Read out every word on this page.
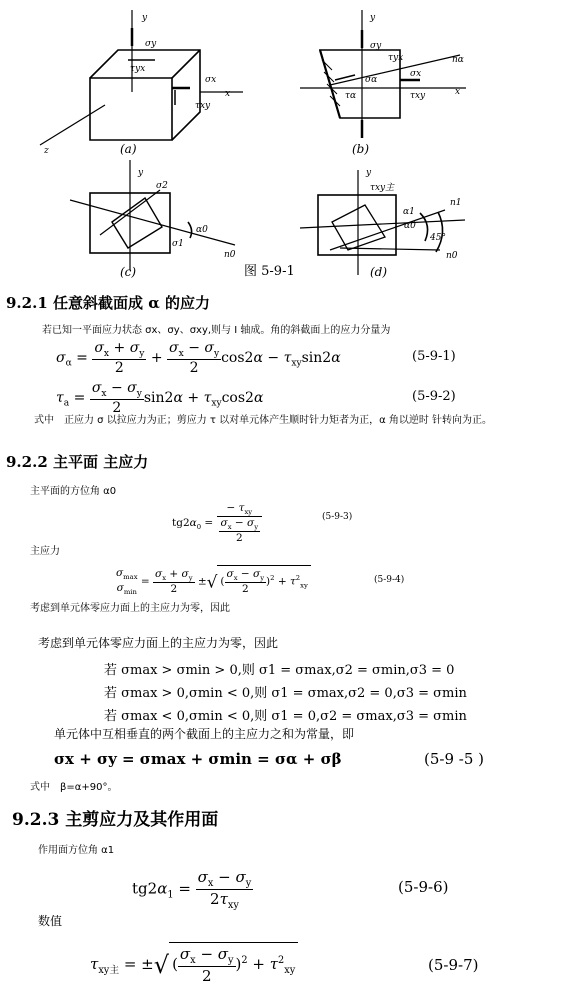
y
σy
τyx
σx
x
τxy
z
y
σy
τyx	nα
σα
σx
x
τα	τxy
y
σ2
α0
σ1
n0
y
τxy主
n1
α1
α0
45°
n0
(a)	(b)
(c)	(d)
图 5-9-1
9.2.1 任意斜截面成 α 的应力
若已知一平面应力状态 σx、σy、σxy,则与 I 轴成。角的斜截面上的应力分量为
$\sigma_\alpha = \frac{\sigma_x + \sigma_y}{2} + \frac{\sigma_x - \sigma_y}{2} \cos 2\alpha - \tau_{xy}\sin 2\alpha$	(5-9-1)
$\tau_a = \frac{\sigma_x - \sigma_y}{2} \sin 2\alpha + \tau_{xy}\cos 2\alpha$	(5-9-2)
式中　正应力 σ 以拉应力为正；剪应力 τ 以对单元体产生顺时针力矩者为正，α 角以逆时 针转向为正。
9.2.2 主平面 主应力
主平面的方位角 α0
$tg2\alpha_0 = \frac{- \tau_{xy}}{\frac{\sigma_x - \sigma_y}{2}}$	(5-9-3)
主应力
$\sigma_{max}$
$\sigma_{min}$
= $\frac{\sigma_x + \sigma_y}{2}$ ±√ ( $\frac{\sigma_x - \sigma_y}{2} )^2 + \tau^2_{xy}$
(5-9-4)
考虑到单元体零应力面上的主应力为零，因此
考虑到单元体零应力面上的主应力为零，因此
若 σmax > σmin > 0,则 σ1 = σmax,σ2 = σmin,σ3 = 0
若 σmax > 0,σmin < 0,则 σ1 = σmax,σ2 = 0,σ3 = σmin
若 σmax < 0,σmin < 0,则 σ1 = 0,σ2 = σmax,σ3 = σmin
单元体中互相垂直的两个截面上的主应力之和为常量，即
σx + σy = σmax + σmin = σα + σβ	(5-9 -5 )
式中　β=α+90°。
9.2.3 主剪应力及其作用面
作用面方位角 α1
$tg2\alpha_1 = \frac{\sigma_x - \sigma_y}{2\tau_{xy}}$	(5-9-6)
数值
$\tau_{xy主}$ = ±√ ( $\frac{\sigma_x - \sigma_y}{2} )^2 + \tau^2_{xy}$	(5-9-7)
